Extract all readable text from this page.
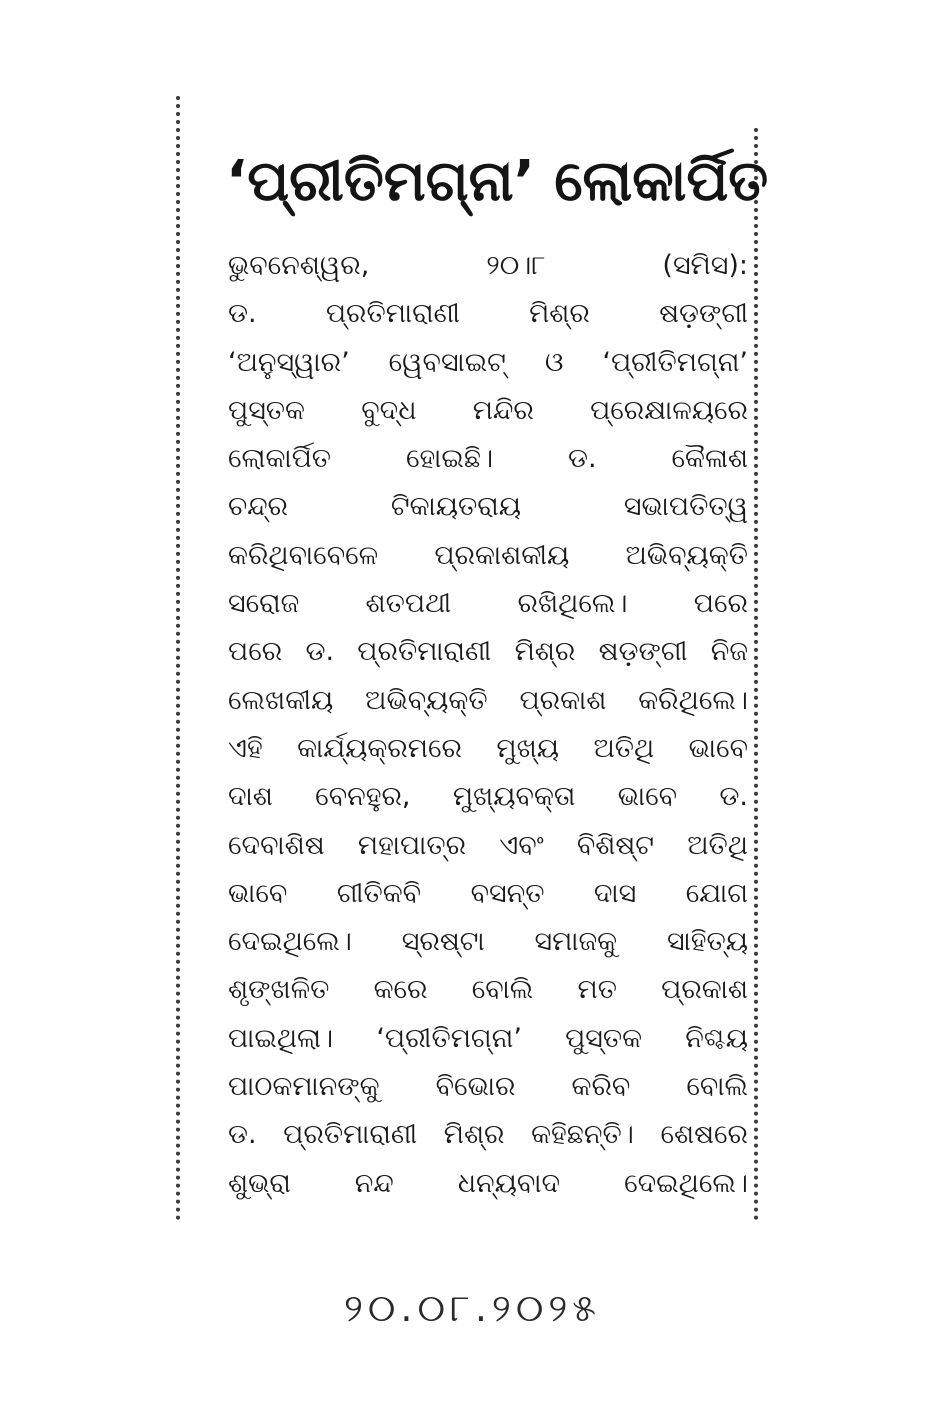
‘ପ୍ରୀତିମଗ୍ନା’ ଲୋକାର୍ପିତ
ଭୁବନେଶ୍ୱର, ୨୦।୮ (ସମିସ):
ଡ. ପ୍ରତିମାରାଣୀ ମିଶ୍ର ଷଡ଼ଙ୍ଗୀ
‘ଅନୁସ୍ୱାର’ ୱେବସାଇଟ୍ ଓ ‘ପ୍ରୀତିମଗ୍ନା’
ପୁସ୍ତକ ବୁଦ୍ଧ ମନ୍ଦିର ପ୍ରେକ୍ଷାଳୟରେ
ଲୋକାର୍ପିତ ହୋଇଛି। ଡ. କୈଳାଶ
ଚନ୍ଦ୍ର ଟିକାୟତରାୟ ସଭାପତିତ୍ୱ
କରିଥିବାବେଳେ ପ୍ରକାଶକୀୟ ଅଭିବ୍ୟକ୍ତି
ସରୋଜ ଶତପଥୀ ରଖିଥିଲେ। ପରେ
ପରେ ଡ. ପ୍ରତିମାରାଣୀ ମିଶ୍ର ଷଡ଼ଙ୍ଗୀ ନିଜ
ଲେଖକୀୟ ଅଭିବ୍ୟକ୍ତି ପ୍ରକାଶ କରିଥିଲେ।
ଏହି କାର୍ଯ୍ୟକ୍ରମରେ ମୁଖ୍ୟ ଅତିଥି ଭାବେ
ଦାଶ ବେନହୁର, ମୁଖ୍ୟବକ୍ତା ଭାବେ ଡ.
ଦେବାଶିଷ ମହାପାତ୍ର ଏବଂ ବିଶିଷ୍ଟ ଅତିଥି
ଭାବେ ଗୀତିକବି ବସନ୍ତ ଦାସ ଯୋଗ
ଦେଇଥିଲେ। ସ୍ରଷ୍ଟା ସମାଜକୁ ସାହିତ୍ୟ
ଶୃଙ୍ଖଳିତ କରେ ବୋଲି ମତ ପ୍ରକାଶ
ପାଇଥିଲା। ‘ପ୍ରୀତିମଗ୍ନା’ ପୁସ୍ତକ ନିଶ୍ଚୟ
ପାଠକମାନଙ୍କୁ ବିଭୋର କରିବ ବୋଲି
ଡ. ପ୍ରତିମାରାଣୀ ମିଶ୍ର କହିଛନ୍ତି। ଶେଷରେ
ଶୁଭ୍ରା ନନ୍ଦ ଧନ୍ୟବାଦ ଦେଇଥିଲେ।
୨୦.୦୮.୨୦୨୫
